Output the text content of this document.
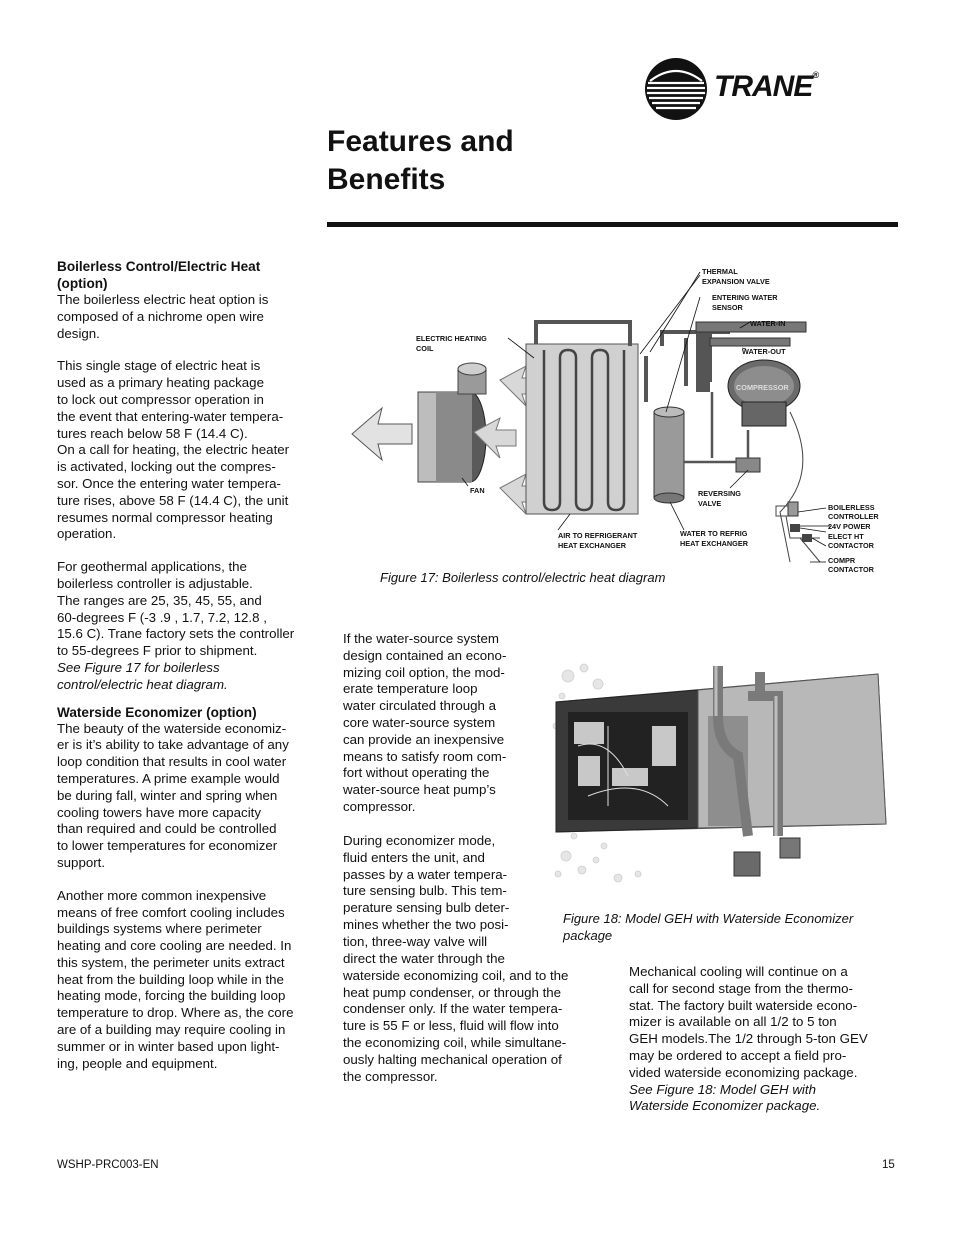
TRANE®
Features and
Benefits

Boilerless Control/Electric Heat
(option)

The boilerless electric heat option is
composed of a nichrome open wire
design.

This single stage of electric heat is
used as a primary heating package
to lock out compressor operation in
the event that entering-water tempera-
tures reach below 58 F (14.4 C).
On a call for heating, the electric heater
is activated, locking out the compres-
sor. Once the entering water tempera-
ture rises, above 58 F (14.4 C), the unit
resumes normal compressor heating
operation.

For geothermal applications, the
boilerless controller is adjustable.
The ranges are 25, 35, 45, 55, and
60-degrees F (-3 .9 , 1.7, 7.2, 12.8 ,
15.6 C). Trane factory sets the controller
to 55-degrees F prior to shipment.

See Figure 17 for boilerless
control/electric heat diagram.

Waterside Economizer (option)

The beauty of the waterside economiz-
er is it’s ability to take advantage of any
loop condition that results in cool water
temperatures. A prime example would
be during fall, winter and spring when
cooling towers have more capacity
than required and could be controlled
to lower temperatures for economizer
support.

Another more common inexpensive
means of free comfort cooling includes
buildings systems where perimeter
heating and core cooling are needed. In
this system, the perimeter units extract
heat from the building loop while in the
heating mode, forcing the building loop
temperature to drop. Where as, the core
are of a building may require cooling in
summer or in winter based upon light-
ing, people and equipment.

THERMAL
EXPANSION VALVE
ENTERING WATER
SENSOR
WATER-IN
WATER-OUT
ELECTRIC HEATING
COIL
COMPRESSOR
FAN	REVERSING
VALVE
AIR TO REFRIGERANT
HEAT EXCHANGER
WATER TO REFRIG
HEAT EXCHANGER
BOILERLESS
CONTROLLER
24V POWER
ELECT HT
CONTACTOR
COMPR
CONTACTOR
Figure 17: Boilerless control/electric heat diagram
If the water-source system
design contained an econo-
mizing coil option, the mod-
erate temperature loop
water circulated through a
core water-source system
can provide an inexpensive
means to satisfy room com-
fort without operating the
water-source heat pump’s
compressor.
During economizer mode,
fluid enters the unit, and
passes by a water tempera-
ture sensing bulb. This tem-
perature sensing bulb deter-
mines whether the two posi-
tion, three-way valve will
direct the water through the
waterside economizing coil, and to the
heat pump condenser, or through the
condenser only. If the water tempera-
ture is 55 F or less, fluid will flow into
the economizing coil, while simultane-
ously halting mechanical operation of
the compressor.
Figure 18: Model GEH with Waterside Economizer
package

Mechanical cooling will continue on a
call for second stage from the thermo-
stat. The factory built waterside econo-
mizer is available on all 1/2 to 5 ton
GEH models.The 1/2 through 5-ton GEV
may be ordered to accept a field pro-
vided waterside economizing package.

See Figure 18: Model GEH with
Waterside Economizer package.

WSHP-PRC003-EN	15
